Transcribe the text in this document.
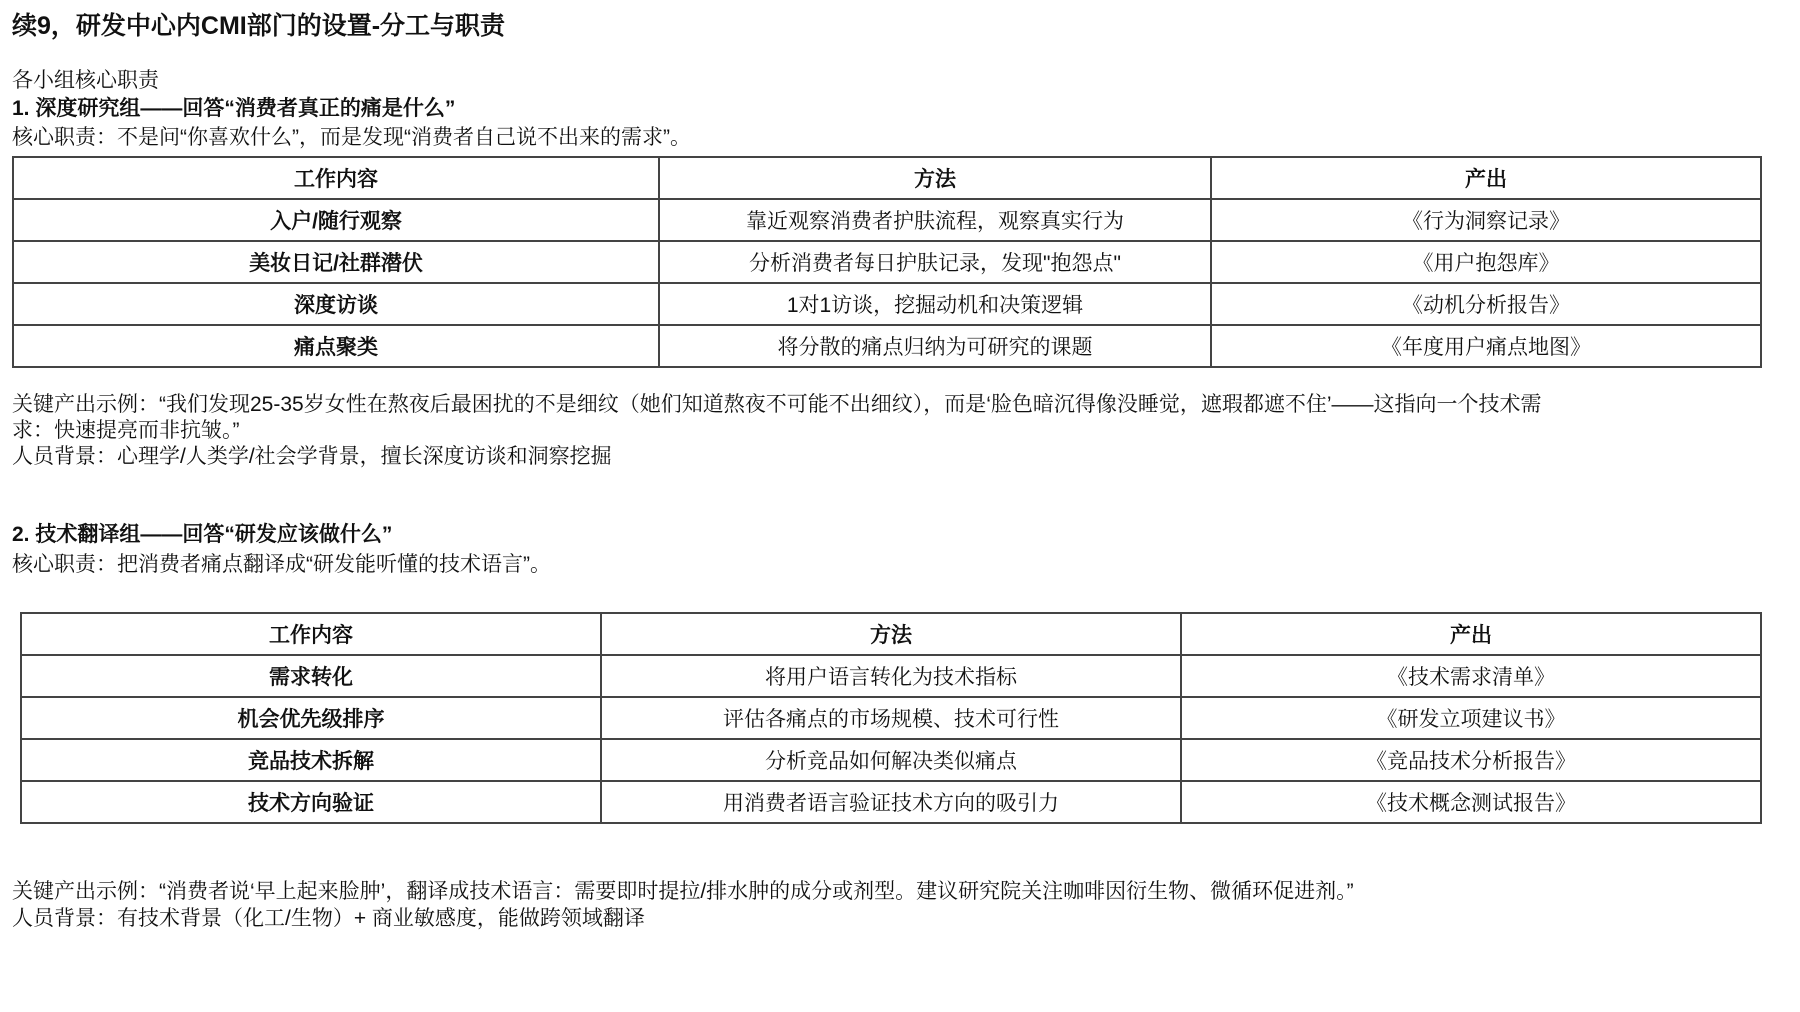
续9，研发中心内CMI部门的设置-分工与职责
各小组核心职责
1. 深度研究组——回答“消费者真正的痛是什么”
核心职责：不是问“你喜欢什么”，而是发现“消费者自己说不出来的需求”。
工作内容	方法	产出
入户/随行观察	靠近观察消费者护肤流程，观察真实行为	《行为洞察记录》
美妆日记/社群潜伏	分析消费者每日护肤记录，发现"抱怨点"	《用户抱怨库》
深度访谈	1对1访谈，挖掘动机和决策逻辑	《动机分析报告》
痛点聚类	将分散的痛点归纳为可研究的课题	《年度用户痛点地图》
关键产出示例：“我们发现25-35岁女性在熬夜后最困扰的不是细纹（她们知道熬夜不可能不出细纹），而是‘脸色暗沉得像没睡觉，遮瑕都遮不住’——这指向一个技术需
求：快速提亮而非抗皱。”
人员背景：心理学/人类学/社会学背景，擅长深度访谈和洞察挖掘
2. 技术翻译组——回答“研发应该做什么”
核心职责：把消费者痛点翻译成“研发能听懂的技术语言”。
工作内容	方法	产出
需求转化	将用户语言转化为技术指标	《技术需求清单》
机会优先级排序	评估各痛点的市场规模、技术可行性	《研发立项建议书》
竞品技术拆解	分析竞品如何解决类似痛点	《竞品技术分析报告》
技术方向验证	用消费者语言验证技术方向的吸引力	《技术概念测试报告》
关键产出示例：“消费者说‘早上起来脸肿’，翻译成技术语言：需要即时提拉/排水肿的成分或剂型。建议研究院关注咖啡因衍生物、微循环促进剂。”
人员背景：有技术背景（化工/生物）+ 商业敏感度，能做跨领域翻译
